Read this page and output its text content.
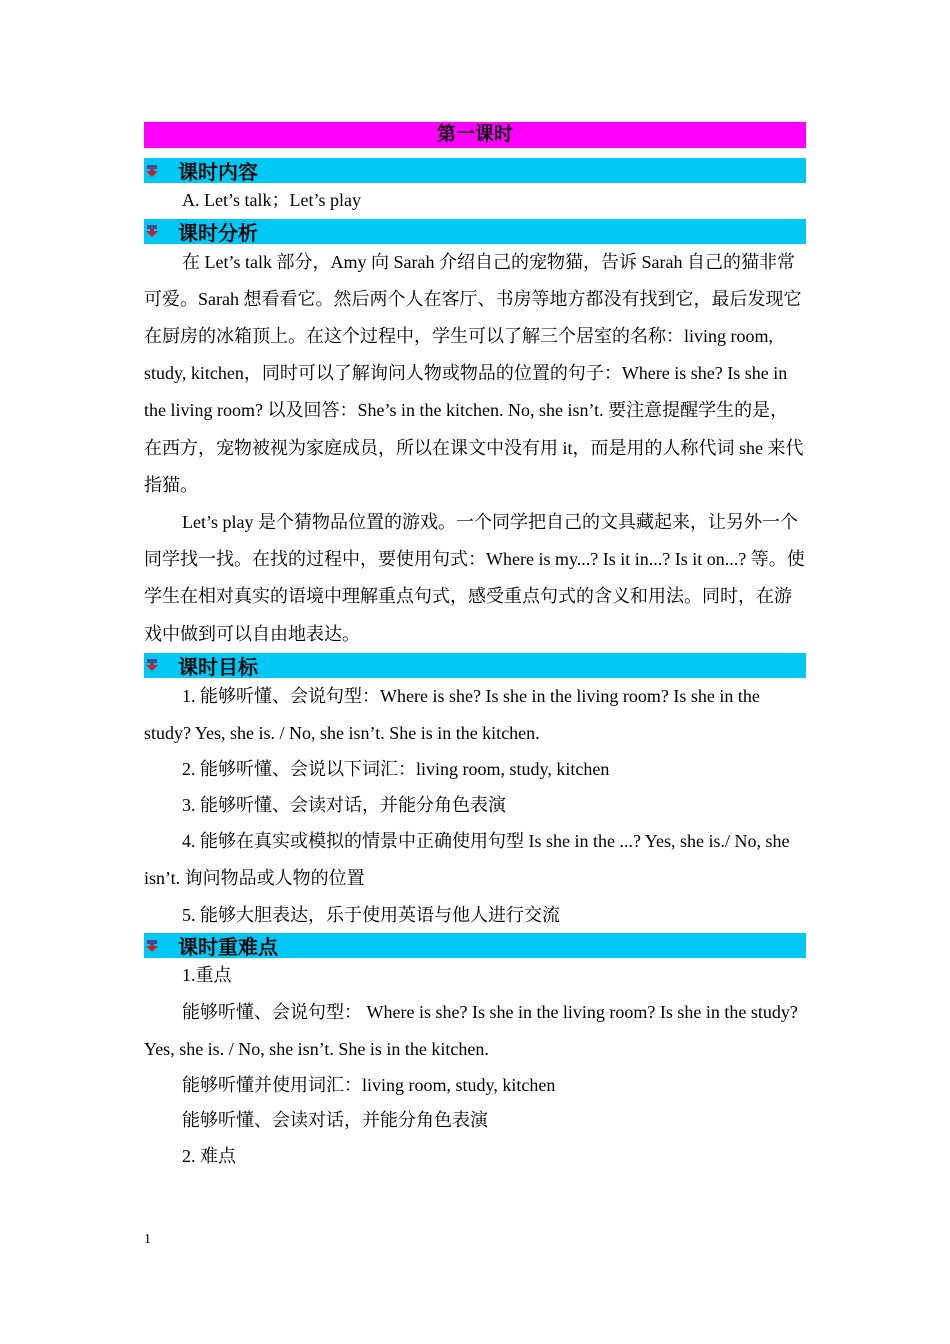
第一课时
课时内容

A. Let’s talk；Let’s play

课时分析

在 Let’s talk 部分，Amy 向 Sarah 介绍自己的宠物猫，告诉 Sarah 自己的猫非常可爱。Sarah 想看看它。然后两个人在客厅、书房等地方都没有找到它，最后发现它在厨房的冰箱顶上。在这个过程中，学生可以了解三个居室的名称：living room, study, kitchen，同时可以了解询问人物或物品的位置的句子：Where is she? Is she in the living room? 以及回答：She’s in the kitchen. No, she isn’t. 要注意提醒学生的是，在西方，宠物被视为家庭成员，所以在课文中没有用 it，而是用的人称代词 she 来代指猫。

Let’s play 是个猜物品位置的游戏。一个同学把自己的文具藏起来，让另外一个同学找一找。在找的过程中，要使用句式：Where is my...? Is it in...? Is it on...? 等。使学生在相对真实的语境中理解重点句式，感受重点句式的含义和用法。同时，在游戏中做到可以自由地表达。

课时目标

1. 能够听懂、会说句型：Where is she? Is she in the living room? Is she in the study? Yes, she is. / No, she isn’t. She is in the kitchen.

2. 能够听懂、会说以下词汇：living room, study, kitchen

3. 能够听懂、会读对话，并能分角色表演

4. 能够在真实或模拟的情景中正确使用句型 Is she in the ...? Yes, she is./ No, she isn’t. 询问物品或人物的位置

5. 能够大胆表达，乐于使用英语与他人进行交流

课时重难点

1.重点

能够听懂、会说句型： Where is she? Is she in the living room? Is she in the study? Yes, she is. / No, she isn’t. She is in the kitchen.

能够听懂并使用词汇：living room, study, kitchen

能够听懂、会读对话，并能分角色表演

2. 难点

1
